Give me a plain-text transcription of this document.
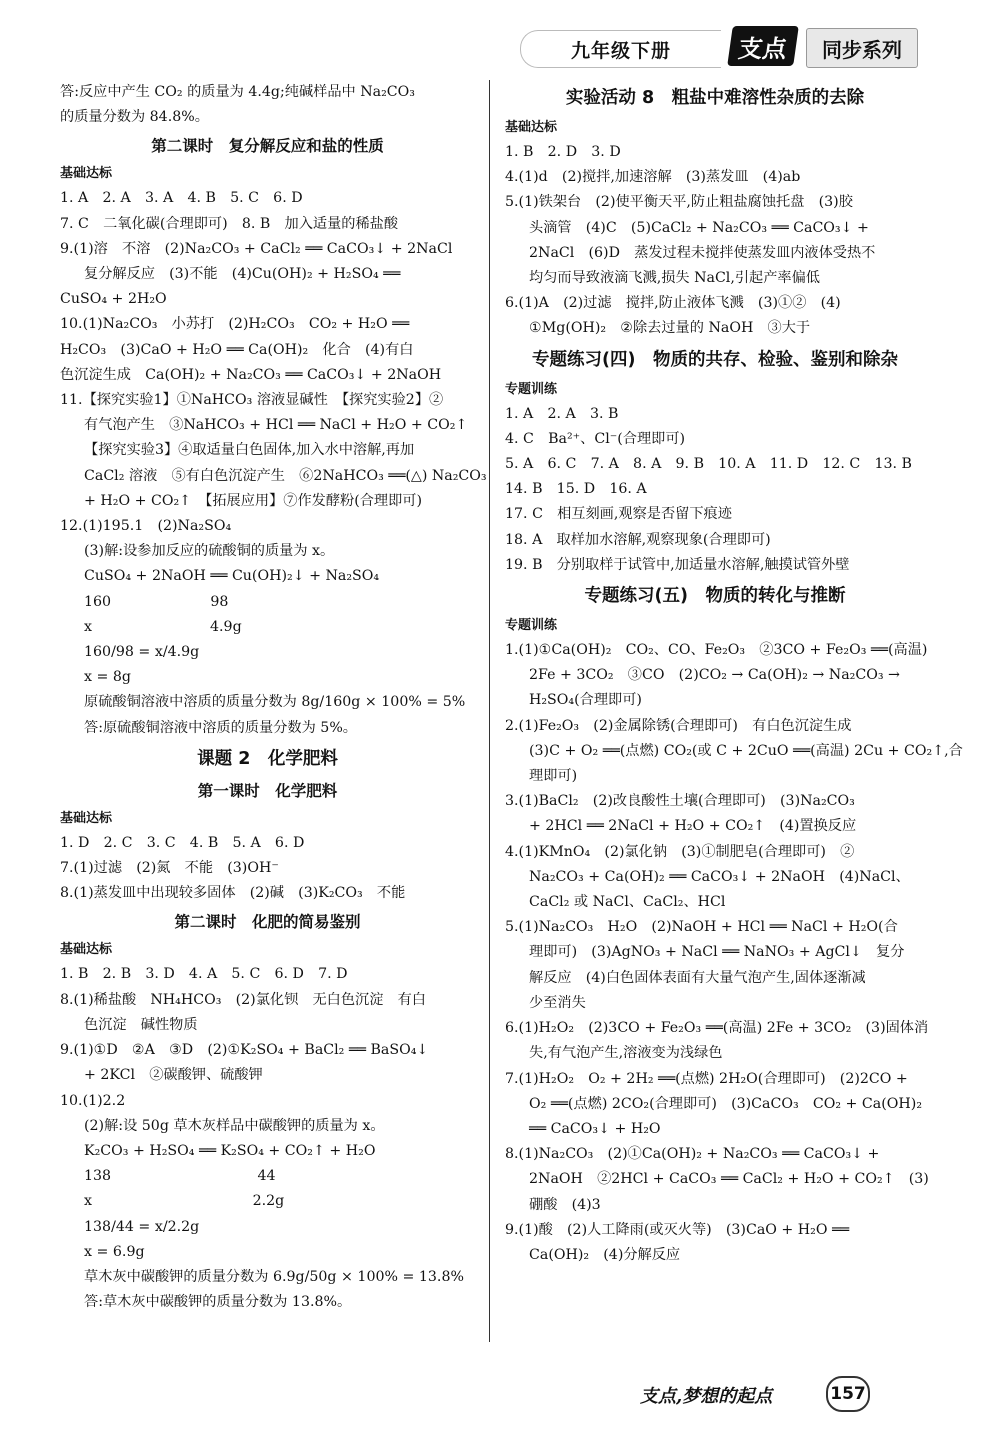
九年级下册	支点	同步系列
答:反应中产生 CO₂ 的质量为 4.4g;纯碱样品中 Na₂CO₃
的质量分数为 84.8%。
第二课时　复分解反应和盐的性质
基础达标
1. A　2. A　3. A　4. B　5. C　6. D
7. C　二氧化碳(合理即可)　8. B　加入适量的稀盐酸
9.(1)溶　不溶　(2)Na₂CO₃ + CaCl₂ ══ CaCO₃↓ + 2NaCl
复分解反应　(3)不能　(4)Cu(OH)₂ + H₂SO₄ ══
CuSO₄ + 2H₂O
10.(1)Na₂CO₃　小苏打　(2)H₂CO₃　CO₂ + H₂O ══
H₂CO₃　(3)CaO + H₂O ══ Ca(OH)₂　化合　(4)有白
色沉淀生成　Ca(OH)₂ + Na₂CO₃ ══ CaCO₃↓ + 2NaOH
11.【探究实验1】①NaHCO₃ 溶液显碱性　【探究实验2】②
有气泡产生　③NaHCO₃ + HCl ══ NaCl + H₂O + CO₂↑
【探究实验3】④取适量白色固体,加入水中溶解,再加
CaCl₂ 溶液　⑤有白色沉淀产生　⑥2NaHCO₃ ══(△) Na₂CO₃
+ H₂O + CO₂↑　【拓展应用】⑦作发酵粉(合理即可)
12.(1)195.1　(2)Na₂SO₄
(3)解:设参加反应的硫酸铜的质量为 x。
CuSO₄ + 2NaOH ══ Cu(OH)₂↓ + Na₂SO₄
160　　　　　　　98
x　　　　　　　　 4.9g
160/98 = x/4.9g
x = 8g
原硫酸铜溶液中溶质的质量分数为 8g/160g × 100% = 5%
答:原硫酸铜溶液中溶质的质量分数为 5%。
课题 2　化学肥料
第一课时　化学肥料
基础达标
1. D　2. C　3. C　4. B　5. A　6. D
7.(1)过滤　(2)氮　不能　(3)OH⁻
8.(1)蒸发皿中出现较多固体　(2)碱　(3)K₂CO₃　不能
第二课时　化肥的简易鉴别
基础达标
1. B　2. B　3. D　4. A　5. C　6. D　7. D
8.(1)稀盐酸　NH₄HCO₃　(2)氯化钡　无白色沉淀　有白
色沉淀　碱性物质
9.(1)①D　②A　③D　(2)①K₂SO₄ + BaCl₂ ══ BaSO₄↓
+ 2KCl　②碳酸钾、硫酸钾
10.(1)2.2
(2)解:设 50g 草木灰样品中碳酸钾的质量为 x。
K₂CO₃ + H₂SO₄ ══ K₂SO₄ + CO₂↑ + H₂O
138　　　　　　　　　　 44
x　　　　　　　　　　　 2.2g
138/44 = x/2.2g
x = 6.9g
草木灰中碳酸钾的质量分数为 6.9g/50g × 100% = 13.8%
答:草木灰中碳酸钾的质量分数为 13.8%。
实验活动 8　粗盐中难溶性杂质的去除
基础达标
1. B　2. D　3. D
4.(1)d　(2)搅拌,加速溶解　(3)蒸发皿　(4)ab
5.(1)铁架台　(2)使平衡天平,防止粗盐腐蚀托盘　(3)胶
头滴管　(4)C　(5)CaCl₂ + Na₂CO₃ ══ CaCO₃↓ +
2NaCl　(6)D　蒸发过程未搅拌使蒸发皿内液体受热不
均匀而导致液滴飞溅,损失 NaCl,引起产率偏低
6.(1)A　(2)过滤　搅拌,防止液体飞溅　(3)①②　(4)
①Mg(OH)₂　②除去过量的 NaOH　③大于
专题练习(四)　物质的共存、检验、鉴别和除杂
专题训练
1. A　2. A　3. B
4. C　Ba²⁺、Cl⁻(合理即可)
5. A　6. C　7. A　8. A　9. B　10. A　11. D　12. C　13. B
14. B　15. D　16. A
17. C　相互刻画,观察是否留下痕迹
18. A　取样加水溶解,观察现象(合理即可)
19. B　分别取样于试管中,加适量水溶解,触摸试管外壁
专题练习(五)　物质的转化与推断
专题训练
1.(1)①Ca(OH)₂　CO₂、CO、Fe₂O₃　②3CO + Fe₂O₃ ══(高温)
2Fe + 3CO₂　③CO　(2)CO₂ → Ca(OH)₂ → Na₂CO₃ →
H₂SO₄(合理即可)
2.(1)Fe₂O₃　(2)金属除锈(合理即可)　有白色沉淀生成
(3)C + O₂ ══(点燃) CO₂(或 C + 2CuO ══(高温) 2Cu + CO₂↑,合
理即可)
3.(1)BaCl₂　(2)改良酸性土壤(合理即可)　(3)Na₂CO₃
+ 2HCl ══ 2NaCl + H₂O + CO₂↑　(4)置换反应
4.(1)KMnO₄　(2)氯化钠　(3)①制肥皂(合理即可)　②
Na₂CO₃ + Ca(OH)₂ ══ CaCO₃↓ + 2NaOH　(4)NaCl、
CaCl₂ 或 NaCl、CaCl₂、HCl
5.(1)Na₂CO₃　H₂O　(2)NaOH + HCl ══ NaCl + H₂O(合
理即可)　(3)AgNO₃ + NaCl ══ NaNO₃ + AgCl↓　复分
解反应　(4)白色固体表面有大量气泡产生,固体逐渐减
少至消失
6.(1)H₂O₂　(2)3CO + Fe₂O₃ ══(高温) 2Fe + 3CO₂　(3)固体消
失,有气泡产生,溶液变为浅绿色
7.(1)H₂O₂　O₂ + 2H₂ ══(点燃) 2H₂O(合理即可)　(2)2CO +
O₂ ══(点燃) 2CO₂(合理即可)　(3)CaCO₃　CO₂ + Ca(OH)₂
══ CaCO₃↓ + H₂O
8.(1)Na₂CO₃　(2)①Ca(OH)₂ + Na₂CO₃ ══ CaCO₃↓ +
2NaOH　②2HCl + CaCO₃ ══ CaCl₂ + H₂O + CO₂↑　(3)
硼酸　(4)3
9.(1)酸　(2)人工降雨(或灭火等)　(3)CaO + H₂O ══
Ca(OH)₂　(4)分解反应
支点,梦想的起点	157
